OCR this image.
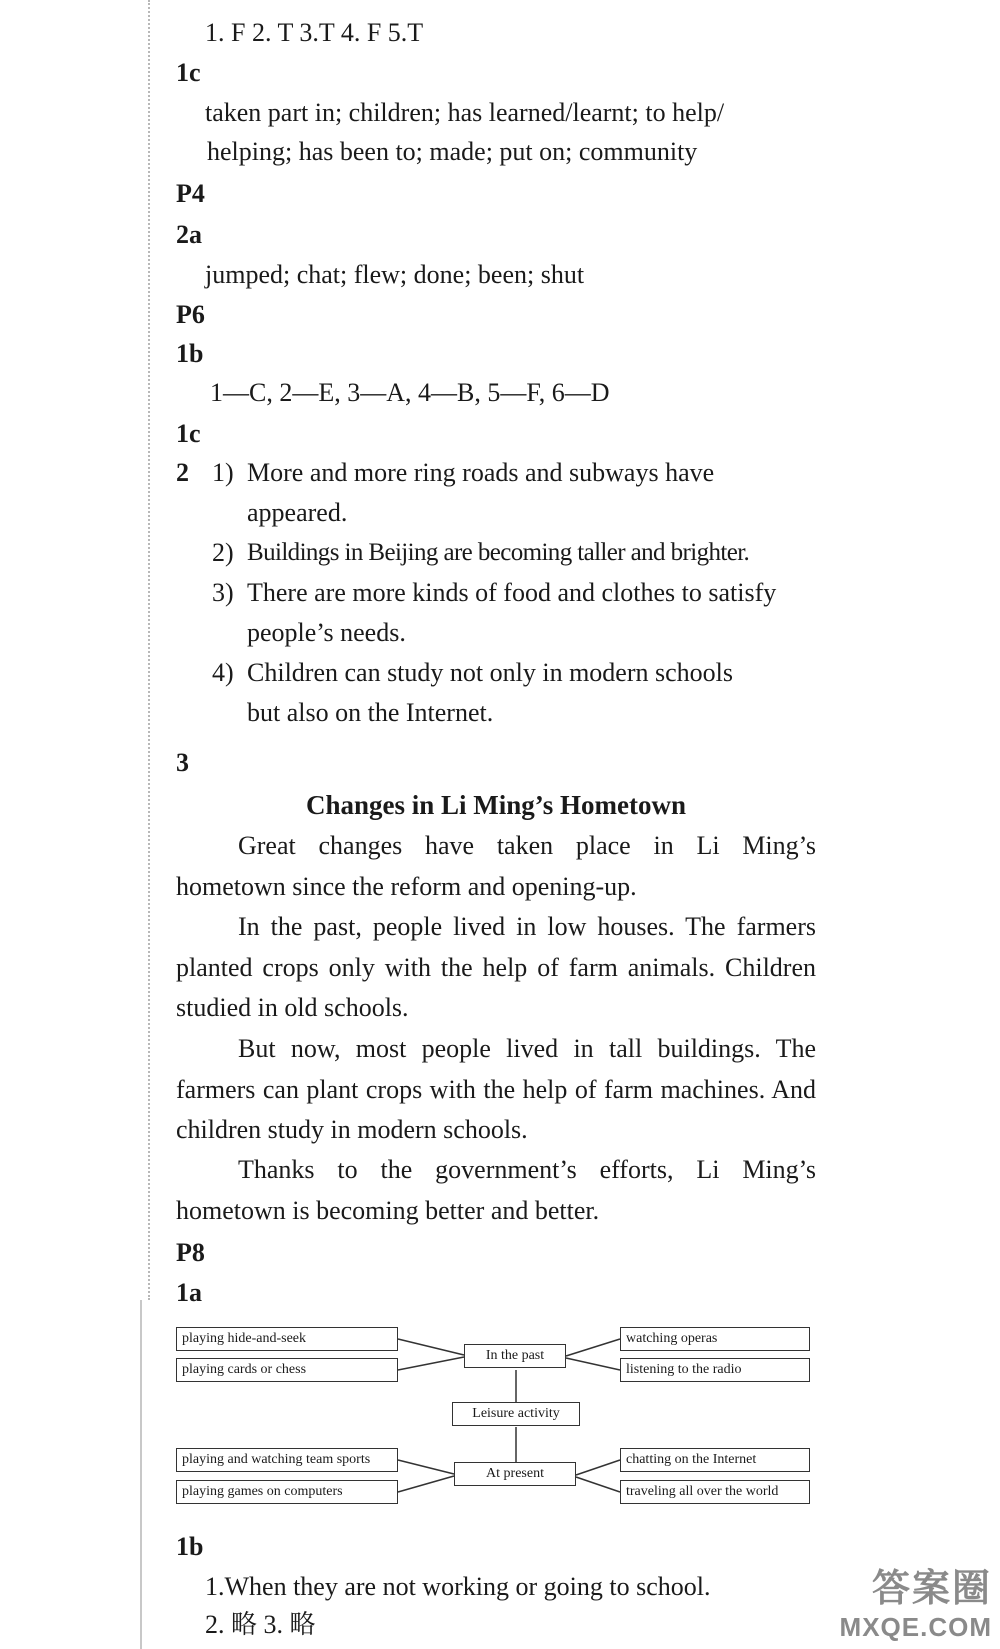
1. F 2. T 3.T 4. F 5.T
1c
taken part in; children; has learned/learnt; to help/
helping; has been to; made; put on; community
P4
2a
jumped; chat; flew; done; been; shut
P6
1b
1—C, 2—E, 3—A, 4—B, 5—F, 6—D
1c
2 1) More and more ring roads and subways have
appeared.
2) Buildings in Beijing are becoming taller and brighter.
3) There are more kinds of food and clothes to satisfy
people’s needs.
4) Children can study not only in modern schools
but also on the Internet.
3
Changes in Li Ming’s Hometown
Great changes have taken place in Li Ming’s hometown since the reform and opening-up.
In the past, people lived in low houses. The farmers planted crops only with the help of farm animals. Children studied in old schools.
But now, most people lived in tall buildings. The farmers can plant crops with the help of farm machines. And children study in modern schools.
Thanks to the government’s efforts, Li Ming’s hometown is becoming better and better.
P8
1a
playing hide-and-seek
playing cards or chess
In the past
watching operas
listening to the radio
Leisure activity
playing and watching team sports
playing games on computers
At present
chatting on the Internet
traveling all over the world
1b
1.When they are not working or going to school.
2. 略 3. 略
答案圈
MXQE.COM
